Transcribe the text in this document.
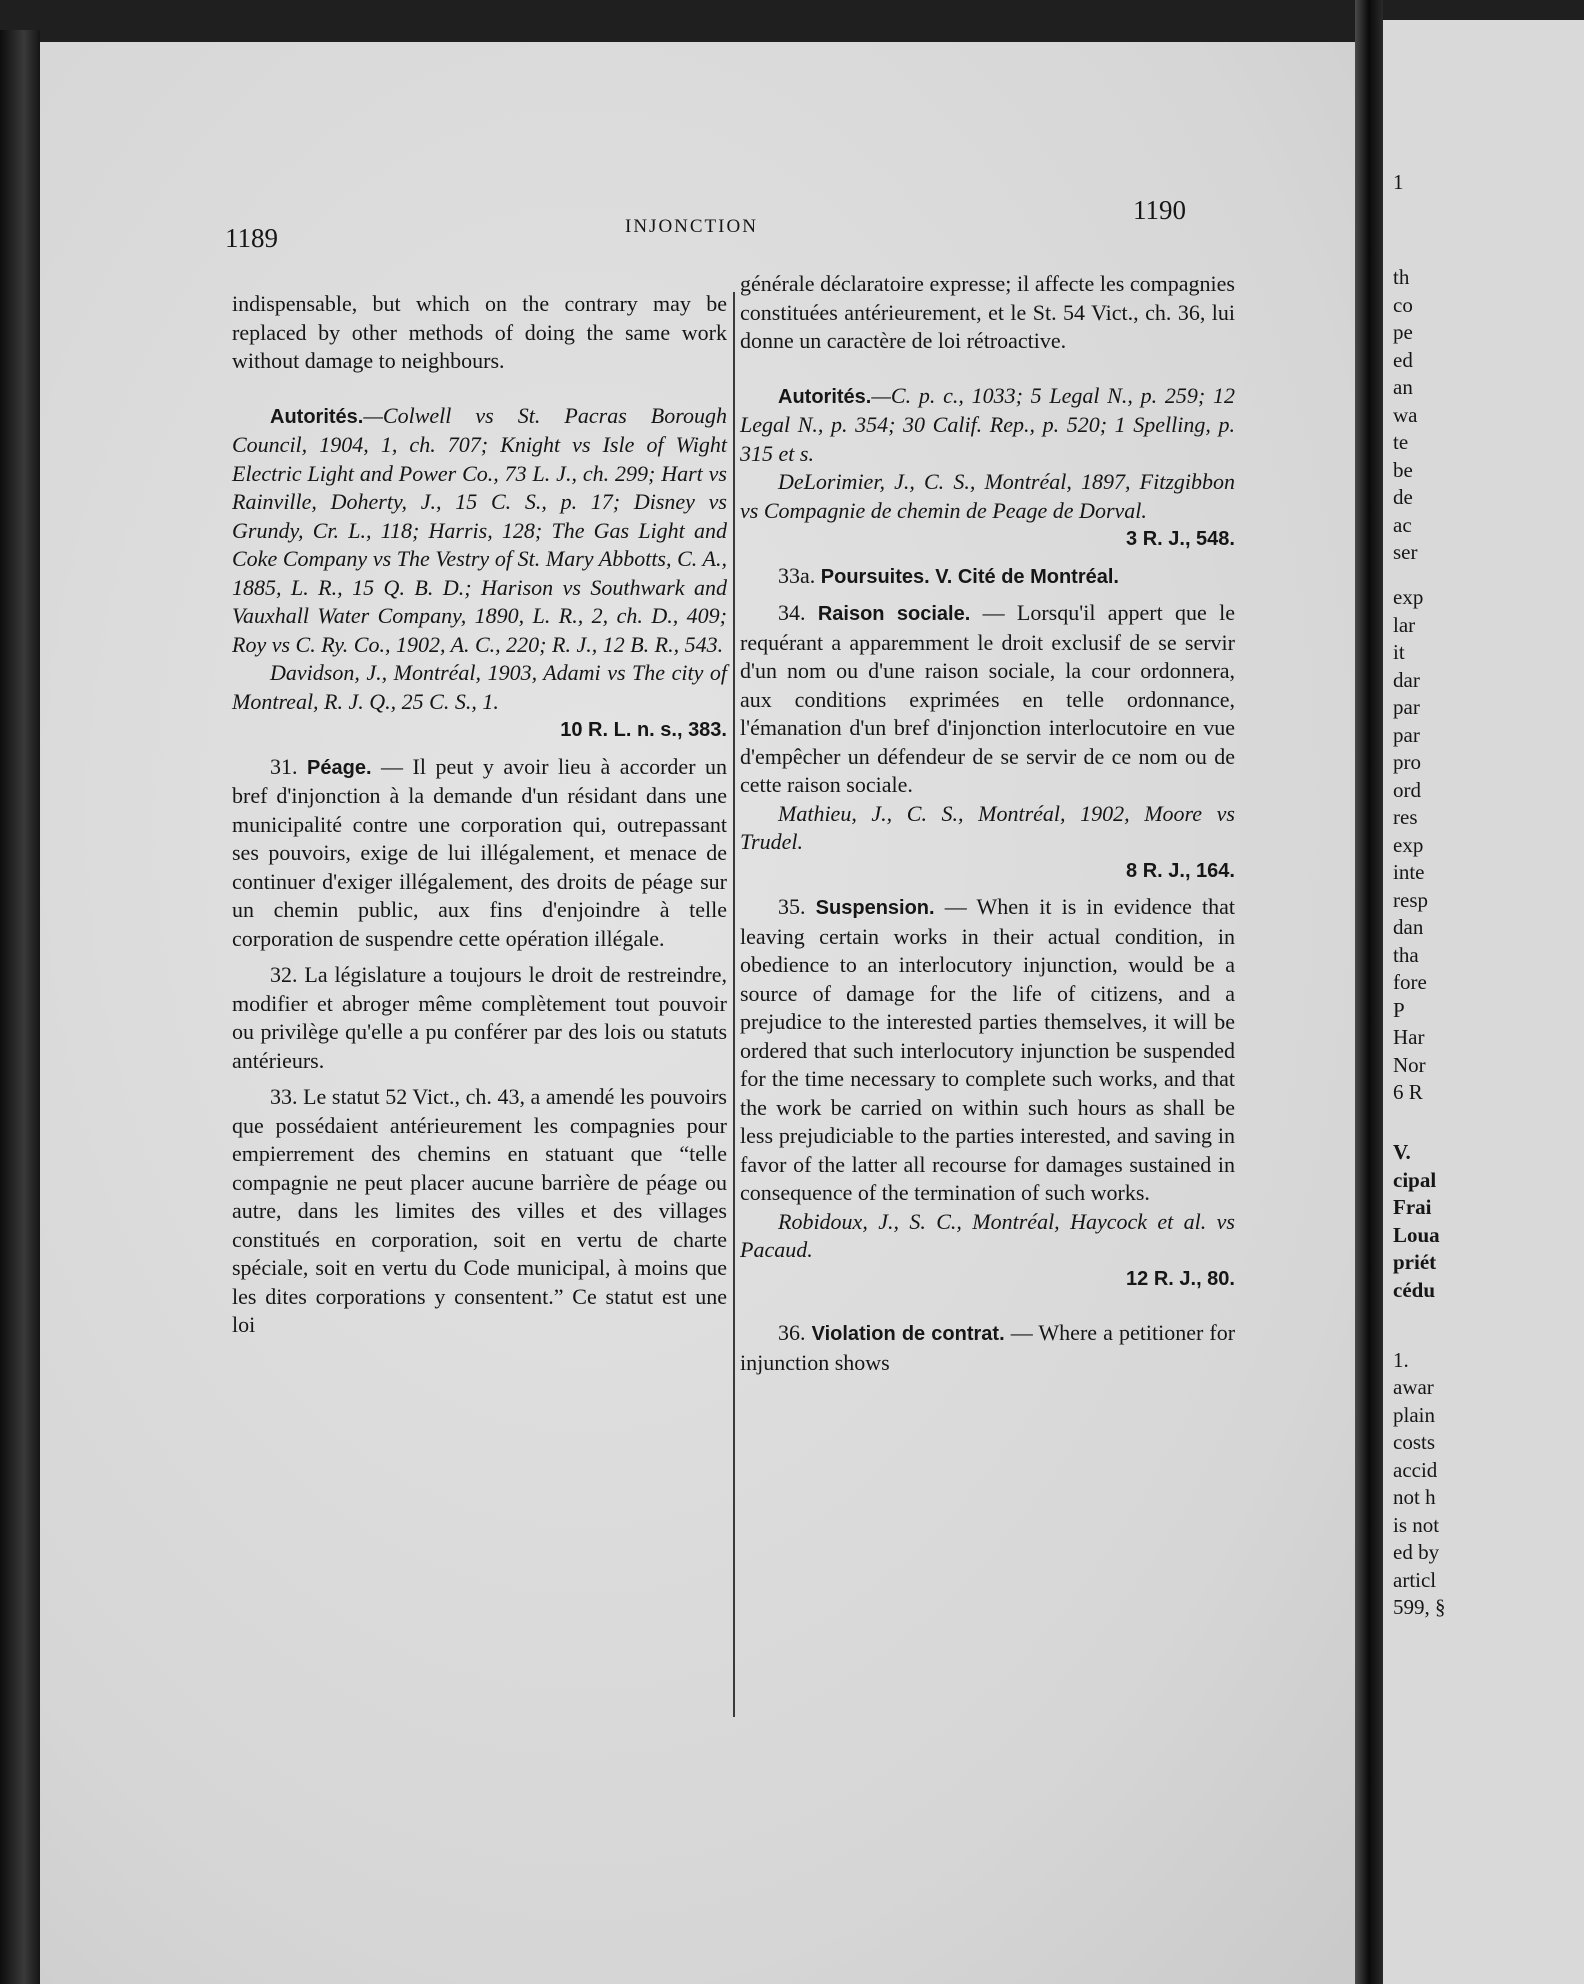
1
th
co
pe
ed
an
wa
te
be
de
ac
ser
exp
lar
it
dar
par
par
pro
ord
res
exp
inte
resp
dan
tha
fore
P
Har
Nor
6 R
V.
cipal
Frai
Loua
priét
cédu
1.
awar
plain
costs
accid
not h
is not
ed by
articl
599, §
1189	INJONCTION
1190

indispensable, but which on the contrary may be replaced by other methods of doing the same work without damage to neighbours.

Autorités.—Colwell vs St. Pacras Borough Council, 1904, 1, ch. 707; Knight vs Isle of Wight Electric Light and Power Co., 73 L. J., ch. 299; Hart vs Rainville, Doherty, J., 15 C. S., p. 17; Disney vs Grundy, Cr. L., 118; Harris, 128; The Gas Light and Coke Company vs The Vestry of St. Mary Abbotts, C. A., 1885, L. R., 15 Q. B. D.; Harison vs Southwark and Vauxhall Water Company, 1890, L. R., 2, ch. D., 409; Roy vs C. Ry. Co., 1902, A. C., 220; R. J., 12 B. R., 543.

Davidson, J., Montréal, 1903, Adami vs The city of Montreal, R. J. Q., 25 C. S., 1.

10 R. L. n. s., 383.

31. Péage. — Il peut y avoir lieu à accorder un bref d'injonction à la demande d'un résidant dans une municipalité contre une corporation qui, outrepassant ses pouvoirs, exige de lui illégalement, et menace de continuer d'exiger illégalement, des droits de péage sur un chemin public, aux fins d'enjoindre à telle corporation de suspendre cette opération illégale.

32. La législature a toujours le droit de restreindre, modifier et abroger même complètement tout pouvoir ou privilège qu'elle a pu conférer par des lois ou statuts antérieurs.

33. Le statut 52 Vict., ch. 43, a amendé les pouvoirs que possédaient antérieurement les compagnies pour empierrement des chemins en statuant que “telle compagnie ne peut placer aucune barrière de péage ou autre, dans les limites des villes et des villages constitués en corporation, soit en vertu de charte spéciale, soit en vertu du Code municipal, à moins que les dites corporations y consentent.” Ce statut est une loi

générale déclaratoire expresse; il affecte les compagnies constituées antérieurement, et le St. 54 Vict., ch. 36, lui donne un caractère de loi rétroactive.

Autorités.—C. p. c., 1033; 5 Legal N., p. 259; 12 Legal N., p. 354; 30 Calif. Rep., p. 520; 1 Spelling, p. 315 et s.

DeLorimier, J., C. S., Montréal, 1897, Fitzgibbon vs Compagnie de chemin de Peage de Dorval.

3 R. J., 548.

33a. Poursuites. V. Cité de Montréal.

34. Raison sociale. — Lorsqu'il appert que le requérant a apparemment le droit exclusif de se servir d'un nom ou d'une raison sociale, la cour ordonnera, aux conditions exprimées en telle ordonnance, l'émanation d'un bref d'injonction interlocutoire en vue d'empêcher un défendeur de se servir de ce nom ou de cette raison sociale.

Mathieu, J., C. S., Montréal, 1902, Moore vs Trudel.

8 R. J., 164.

35. Suspension. — When it is in evidence that leaving certain works in their actual condition, in obedience to an interlocutory injunction, would be a source of damage for the life of citizens, and a prejudice to the interested parties themselves, it will be ordered that such interlocutory injunction be suspended for the time necessary to complete such works, and that the work be carried on within such hours as shall be less prejudiciable to the parties interested, and saving in favor of the latter all recourse for damages sustained in consequence of the termination of such works.

Robidoux, J., S. C., Montréal, Haycock et al. vs Pacaud.

12 R. J., 80.

36. Violation de contrat. — Where a petitioner for injunction shows
